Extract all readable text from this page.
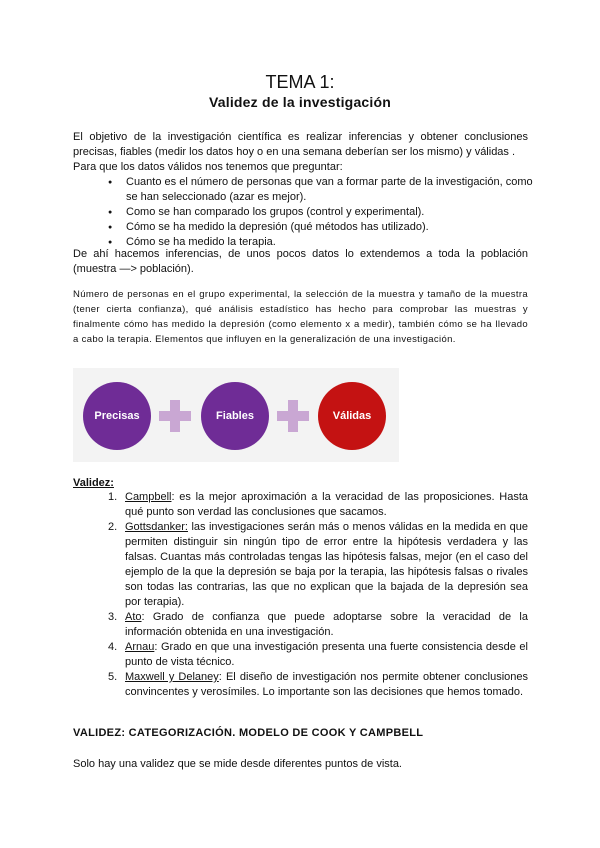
TEMA 1:
Validez de la investigación
El objetivo de la investigación científica es realizar inferencias y obtener conclusiones precisas, fiables (medir los datos hoy o en una semana deberían ser los mismo) y válidas .
Para que los datos válidos nos tenemos que preguntar:
● Cuanto es el número de personas que van a formar parte de la investigación, como se han seleccionado (azar es mejor).
● Como se han comparado los grupos (control y experimental).
● Cómo se ha medido la depresión (qué métodos has utilizado).
● Cómo se ha medido la terapia.
De ahí hacemos inferencias, de unos pocos datos lo extendemos a toda la población (muestra —> población).
Número de personas en el grupo experimental, la selección de la muestra y tamaño de la muestra (tener cierta confianza), qué análisis estadístico has hecho para comprobar las muestras y finalmente cómo has medido la depresión (como elemento x a medir), también cómo se ha llevado a cabo la terapia. Elementos que influyen en la generalización de una investigación.
Precisas	Fiables	Válidas
Validez:
1. Campbell: es la mejor aproximación a la veracidad de las proposiciones. Hasta qué punto son verdad las conclusiones que sacamos.
2. Gottsdanker: las investigaciones serán más o menos válidas en la medida en que permiten distinguir sin ningún tipo de error entre la hipótesis verdadera y las falsas. Cuantas más controladas tengas las hipótesis falsas, mejor (en el caso del ejemplo de la que la depresión se baja por la terapia, las hipótesis falsas o rivales son todas las contrarias, las que no explican que la bajada de la depresión sea por terapia).
3. Ato: Grado de confianza que puede adoptarse sobre la veracidad de la información obtenida en una investigación.
4. Arnau: Grado en que una investigación presenta una fuerte consistencia desde el punto de vista técnico.
5. Maxwell y Delaney: El diseño de investigación nos permite obtener conclusiones convincentes y verosímiles. Lo importante son las decisiones que hemos tomado.
VALIDEZ: CATEGORIZACIÓN. MODELO DE COOK Y CAMPBELL
Solo hay una validez que se mide desde diferentes puntos de vista.
